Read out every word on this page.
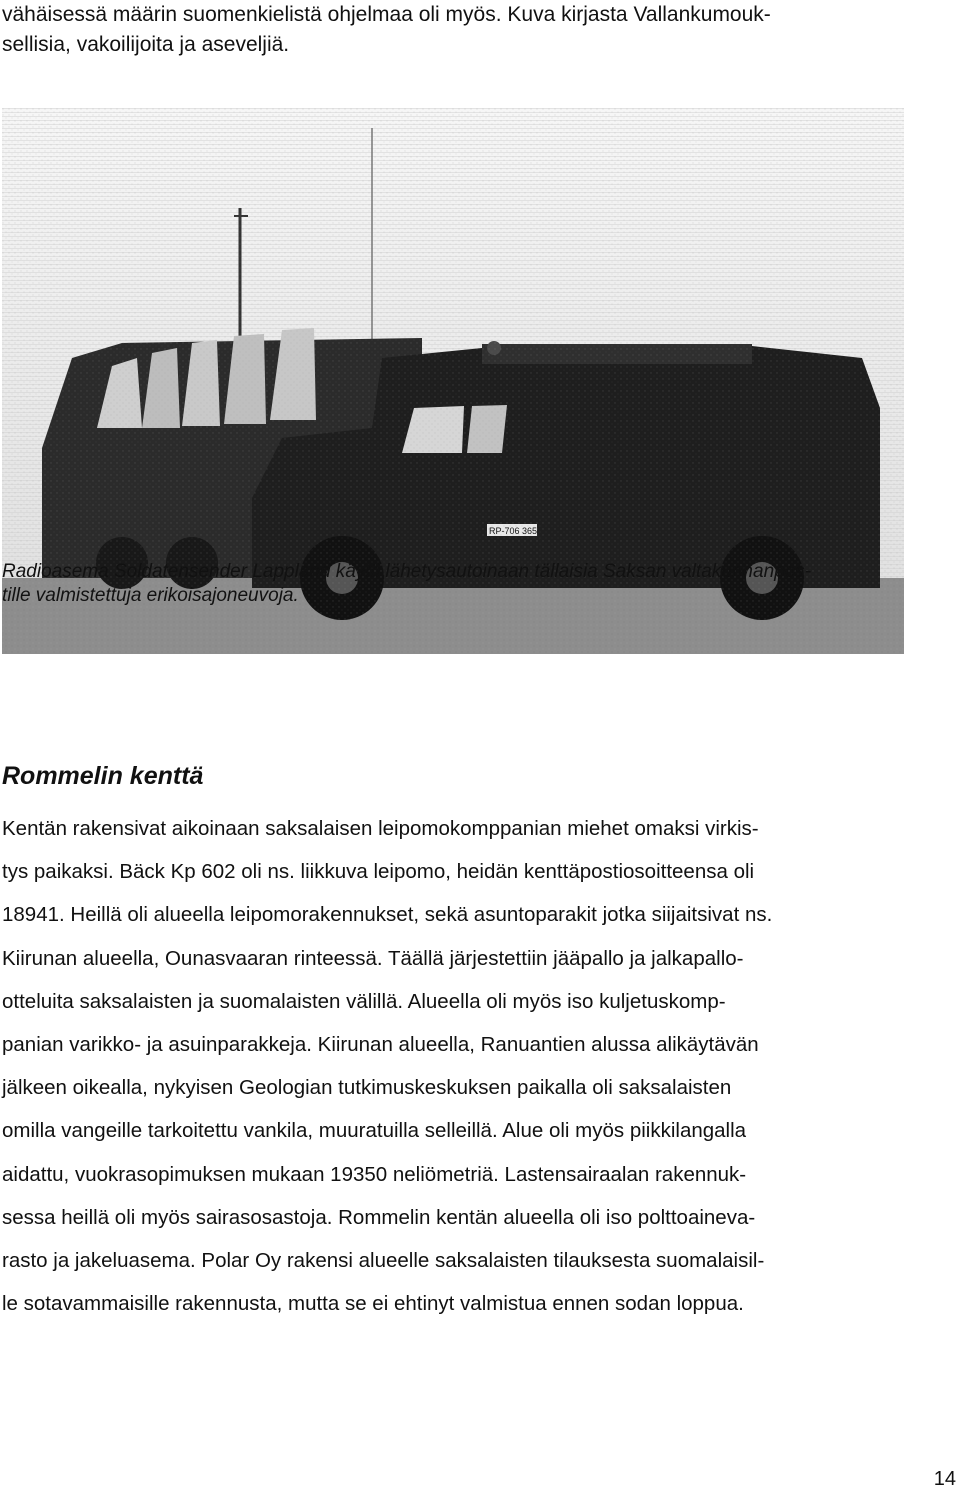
vähäisessä määrin suomenkielistä ohjelmaa oli myös. Kuva kirjasta Vallankumouk-
sellisia, vakoilijoita ja aseveljiä.
Radioasema Soldatensender Lappland käytti lähetysautoinaan tällaisia Saksan valtakunnanpos-
tille valmistettuja erikoisajoneuvoja.
Rommelin kenttä
Kentän rakensivat aikoinaan saksalaisen leipomokomppanian miehet omaksi virkis-
tys paikaksi. Bäck Kp 602 oli ns. liikkuva leipomo, heidän kenttäpostiosoitteensa oli
18941. Heillä oli alueella leipomorakennukset, sekä asuntoparakit jotka siijaitsivat ns.
Kiirunan alueella, Ounasvaaran rinteessä. Täällä järjestettiin jääpallo ja jalkapallo-
otteluita saksalaisten ja suomalaisten välillä. Alueella oli myös iso kuljetuskomp-
panian varikko- ja asuinparakkeja. Kiirunan alueella, Ranuantien alussa alikäytävän
jälkeen oikealla, nykyisen Geologian tutkimuskeskuksen paikalla oli saksalaisten
omilla vangeille tarkoitettu vankila, muuratuilla selleillä. Alue oli myös piikkilangalla
aidattu, vuokrasopimuksen mukaan 19350 neliömetriä. Lastensairaalan rakennuk-
sessa heillä oli myös sairasosastoja. Rommelin kentän alueella oli iso polttoaineva-
rasto ja jakeluasema. Polar Oy rakensi alueelle saksalaisten tilauksesta suomalaisil-
le sotavammaisille rakennusta, mutta se ei ehtinyt valmistua ennen sodan loppua.
14
